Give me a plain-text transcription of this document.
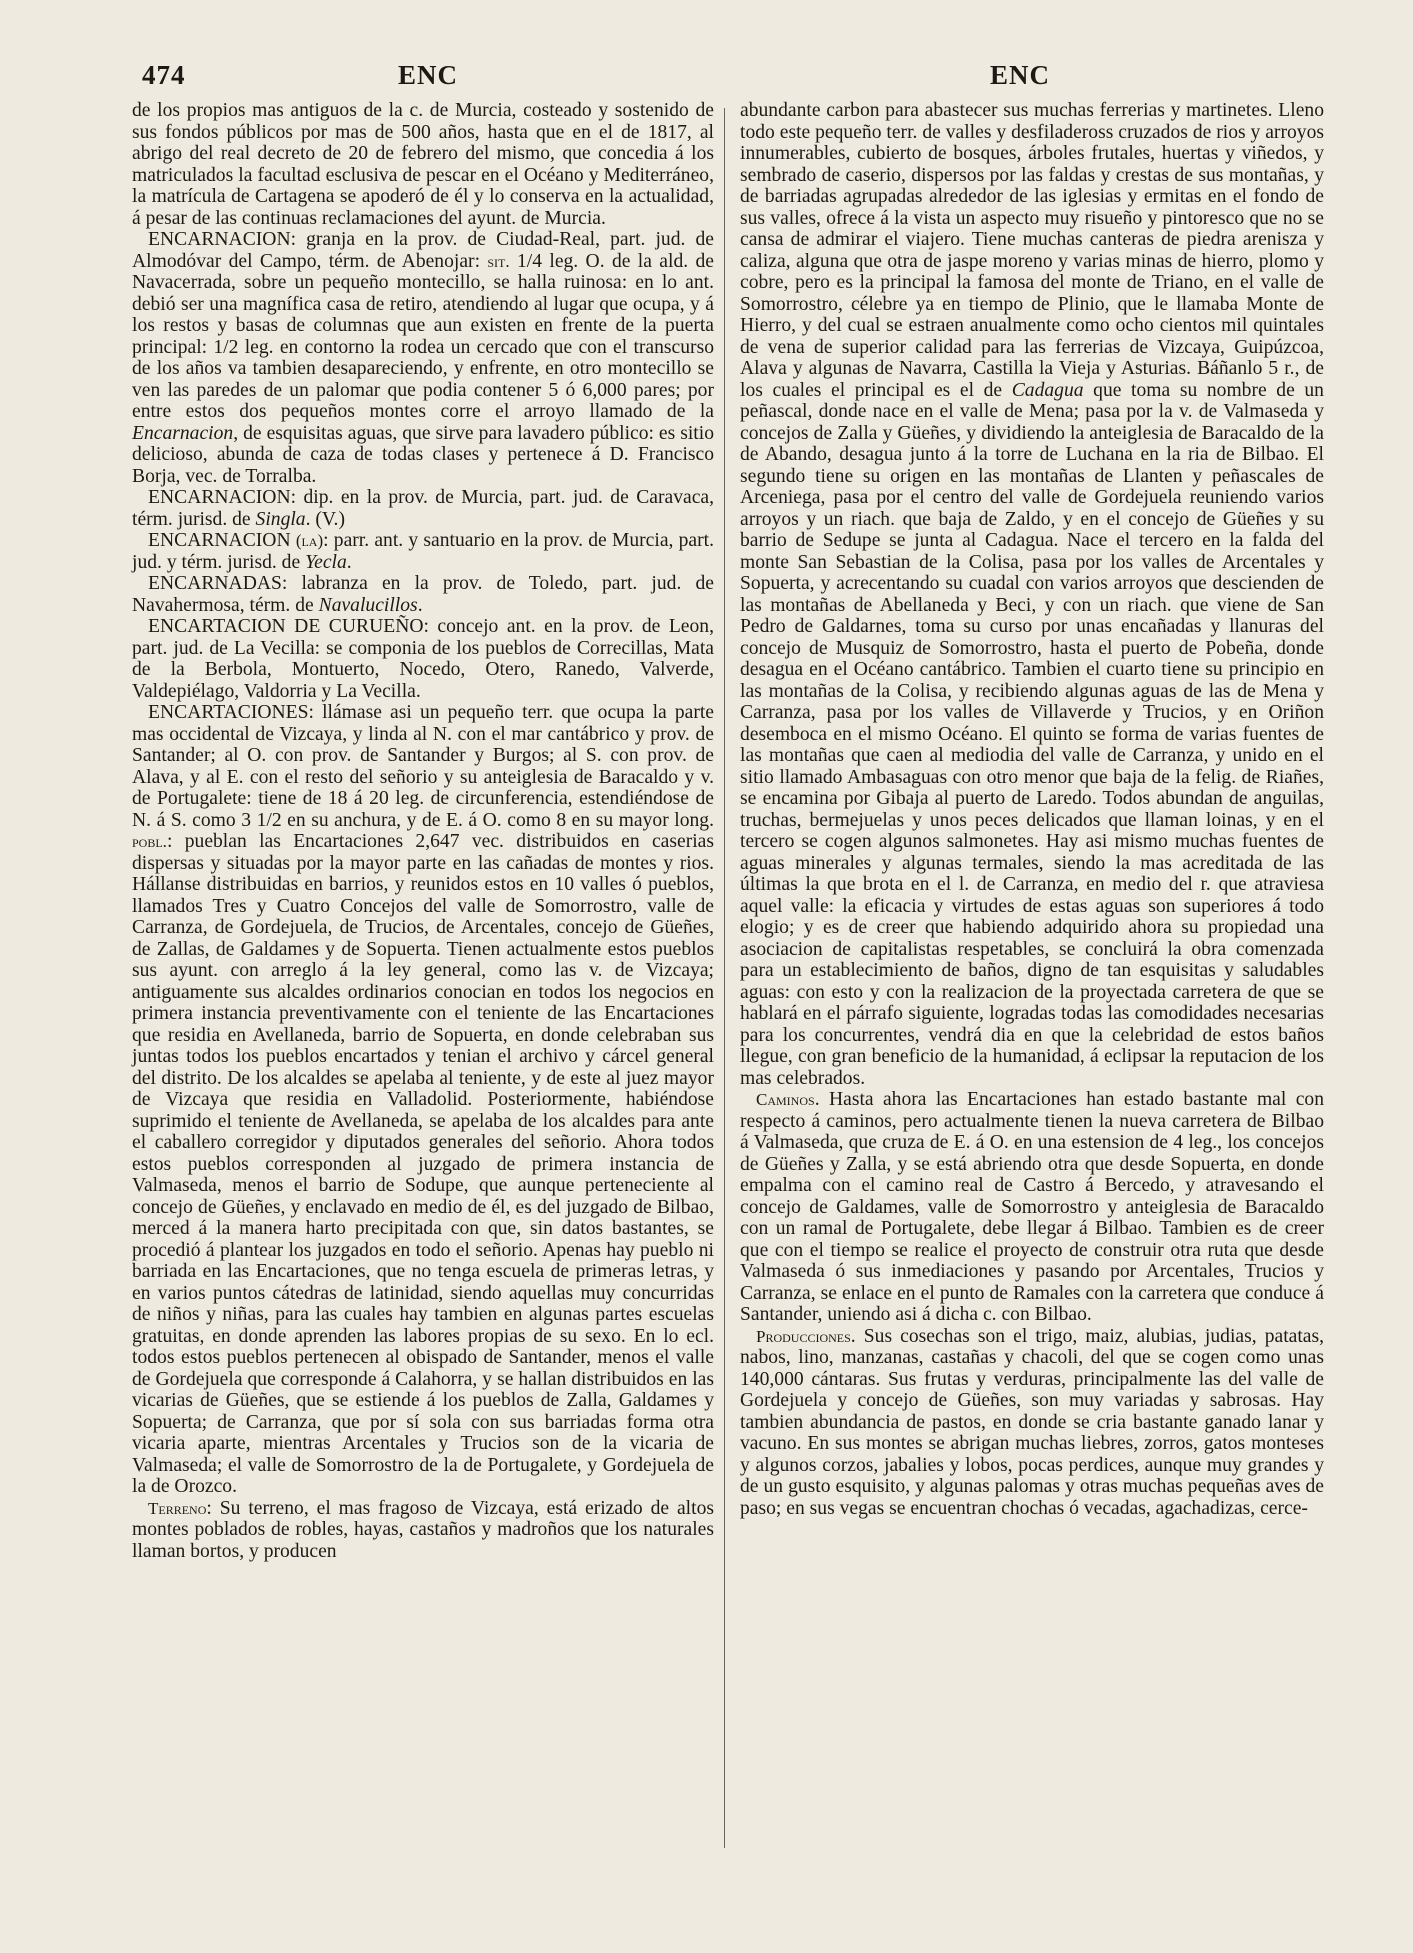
474	ENC	ENC

de los propios mas antiguos de la c. de Murcia, costeado y sostenido de sus fondos públicos por mas de 500 años, hasta que en el de 1817, al abrigo del real decreto de 20 de febrero del mismo, que concedia á los matriculados la facultad esclusiva de pescar en el Océano y Mediterráneo, la matrícula de Cartagena se apoderó de él y lo conserva en la actualidad, á pesar de las continuas reclamaciones del ayunt. de Murcia.

ENCARNACION: granja en la prov. de Ciudad-Real, part. jud. de Almodóvar del Campo, térm. de Abenojar: sit. 1/4 leg. O. de la ald. de Navacerrada, sobre un pequeño montecillo, se halla ruinosa: en lo ant. debió ser una magnífica casa de retiro, atendiendo al lugar que ocupa, y á los restos y basas de columnas que aun existen en frente de la puerta principal: 1/2 leg. en contorno la rodea un cercado que con el transcurso de los años va tambien desapareciendo, y enfrente, en otro montecillo se ven las paredes de un palomar que podia contener 5 ó 6,000 pares; por entre estos dos pequeños montes corre el arroyo llamado de la Encarnacion, de esquisitas aguas, que sirve para lavadero público: es sitio delicioso, abunda de caza de todas clases y pertenece á D. Francisco Borja, vec. de Torralba.

ENCARNACION: dip. en la prov. de Murcia, part. jud. de Caravaca, térm. jurisd. de Singla. (V.)

ENCARNACION (la): parr. ant. y santuario en la prov. de Murcia, part. jud. y térm. jurisd. de Yecla.

ENCARNADAS: labranza en la prov. de Toledo, part. jud. de Navahermosa, térm. de Navalucillos.

ENCARTACION DE CURUEÑO: concejo ant. en la prov. de Leon, part. jud. de La Vecilla: se componia de los pueblos de Correcillas, Mata de la Berbola, Montuerto, Nocedo, Otero, Ranedo, Valverde, Valdepiélago, Valdorria y La Vecilla.

ENCARTACIONES: llámase asi un pequeño terr. que ocupa la parte mas occidental de Vizcaya, y linda al N. con el mar cantábrico y prov. de Santander; al O. con prov. de Santander y Burgos; al S. con prov. de Alava, y al E. con el resto del señorio y su anteiglesia de Baracaldo y v. de Portugalete: tiene de 18 á 20 leg. de circunferencia, estendiéndose de N. á S. como 3 1/2 en su anchura, y de E. á O. como 8 en su mayor long. pobl.: pueblan las Encartaciones 2,647 vec. distribuidos en caserias dispersas y situadas por la mayor parte en las cañadas de montes y rios. Hállanse distribuidas en barrios, y reunidos estos en 10 valles ó pueblos, llamados Tres y Cuatro Concejos del valle de Somorrostro, valle de Carranza, de Gordejuela, de Trucios, de Arcentales, concejo de Güeñes, de Zallas, de Galdames y de Sopuerta. Tienen actualmente estos pueblos sus ayunt. con arreglo á la ley general, como las v. de Vizcaya; antiguamente sus alcaldes ordinarios conocian en todos los negocios en primera instancia preventivamente con el teniente de las Encartaciones que residia en Avellaneda, barrio de Sopuerta, en donde celebraban sus juntas todos los pueblos encartados y tenian el archivo y cárcel general del distrito. De los alcaldes se apelaba al teniente, y de este al juez mayor de Vizcaya que residia en Valladolid. Posteriormente, habiéndose suprimido el teniente de Avellaneda, se apelaba de los alcaldes para ante el caballero corregidor y diputados generales del señorio. Ahora todos estos pueblos corresponden al juzgado de primera instancia de Valmaseda, menos el barrio de Sodupe, que aunque perteneciente al concejo de Güeñes, y enclavado en medio de él, es del juzgado de Bilbao, merced á la manera harto precipitada con que, sin datos bastantes, se procedió á plantear los juzgados en todo el señorio. Apenas hay pueblo ni barriada en las Encartaciones, que no tenga escuela de primeras letras, y en varios puntos cátedras de latinidad, siendo aquellas muy concurridas de niños y niñas, para las cuales hay tambien en algunas partes escuelas gratuitas, en donde aprenden las labores propias de su sexo. En lo ecl. todos estos pueblos pertenecen al obispado de Santander, menos el valle de Gordejuela que corresponde á Calahorra, y se hallan distribuidos en las vicarias de Güeñes, que se estiende á los pueblos de Zalla, Galdames y Sopuerta; de Carranza, que por sí sola con sus barriadas forma otra vicaria aparte, mientras Arcentales y Trucios son de la vicaria de Valmaseda; el valle de Somorrostro de la de Portugalete, y Gordejuela de la de Orozco.

Terreno: Su terreno, el mas fragoso de Vizcaya, está erizado de altos montes poblados de robles, hayas, castaños y madroños que los naturales llaman bortos, y producen

abundante carbon para abastecer sus muchas ferrerias y martinetes. Lleno todo este pequeño terr. de valles y desfiladeross cruzados de rios y arroyos innumerables, cubierto de bosques, árboles frutales, huertas y viñedos, y sembrado de caserio, dispersos por las faldas y crestas de sus montañas, y de barriadas agrupadas alrededor de las iglesias y ermitas en el fondo de sus valles, ofrece á la vista un aspecto muy risueño y pintoresco que no se cansa de admirar el viajero. Tiene muchas canteras de piedra arenisza y caliza, alguna que otra de jaspe moreno y varias minas de hierro, plomo y cobre, pero es la principal la famosa del monte de Triano, en el valle de Somorrostro, célebre ya en tiempo de Plinio, que le llamaba Monte de Hierro, y del cual se estraen anualmente como ocho cientos mil quintales de vena de superior calidad para las ferrerias de Vizcaya, Guipúzcoa, Alava y algunas de Navarra, Castilla la Vieja y Asturias. Báñanlo 5 r., de los cuales el principal es el de Cadagua que toma su nombre de un peñascal, donde nace en el valle de Mena; pasa por la v. de Valmaseda y concejos de Zalla y Güeñes, y dividiendo la anteiglesia de Baracaldo de la de Abando, desagua junto á la torre de Luchana en la ria de Bilbao. El segundo tiene su origen en las montañas de Llanten y peñascales de Arceniega, pasa por el centro del valle de Gordejuela reuniendo varios arroyos y un riach. que baja de Zaldo, y en el concejo de Güeñes y su barrio de Sedupe se junta al Cadagua. Nace el tercero en la falda del monte San Sebastian de la Colisa, pasa por los valles de Arcentales y Sopuerta, y acrecentando su cuadal con varios arroyos que descienden de las montañas de Abellaneda y Beci, y con un riach. que viene de San Pedro de Galdarnes, toma su curso por unas encañadas y llanuras del concejo de Musquiz de Somorrostro, hasta el puerto de Pobeña, donde desagua en el Océano cantábrico. Tambien el cuarto tiene su principio en las montañas de la Colisa, y recibiendo algunas aguas de las de Mena y Carranza, pasa por los valles de Villaverde y Trucios, y en Oriñon desemboca en el mismo Océano. El quinto se forma de varias fuentes de las montañas que caen al mediodia del valle de Carranza, y unido en el sitio llamado Ambasaguas con otro menor que baja de la felig. de Riañes, se encamina por Gibaja al puerto de Laredo. Todos abundan de anguilas, truchas, bermejuelas y unos peces delicados que llaman loinas, y en el tercero se cogen algunos salmonetes. Hay asi mismo muchas fuentes de aguas minerales y algunas termales, siendo la mas acreditada de las últimas la que brota en el l. de Carranza, en medio del r. que atraviesa aquel valle: la eficacia y virtudes de estas aguas son superiores á todo elogio; y es de creer que habiendo adquirido ahora su propiedad una asociacion de capitalistas respetables, se concluirá la obra comenzada para un establecimiento de baños, digno de tan esquisitas y saludables aguas: con esto y con la realizacion de la proyectada carretera de que se hablará en el párrafo siguiente, logradas todas las comodidades necesarias para los concurrentes, vendrá dia en que la celebridad de estos baños llegue, con gran beneficio de la humanidad, á eclipsar la reputacion de los mas celebrados.

Caminos. Hasta ahora las Encartaciones han estado bastante mal con respecto á caminos, pero actualmente tienen la nueva carretera de Bilbao á Valmaseda, que cruza de E. á O. en una estension de 4 leg., los concejos de Güeñes y Zalla, y se está abriendo otra que desde Sopuerta, en donde empalma con el camino real de Castro á Bercedo, y atravesando el concejo de Galdames, valle de Somorrostro y anteiglesia de Baracaldo con un ramal de Portugalete, debe llegar á Bilbao. Tambien es de creer que con el tiempo se realice el proyecto de construir otra ruta que desde Valmaseda ó sus inmediaciones y pasando por Arcentales, Trucios y Carranza, se enlace en el punto de Ramales con la carretera que conduce á Santander, uniendo asi á dicha c. con Bilbao.

Producciones. Sus cosechas son el trigo, maiz, alubias, judias, patatas, nabos, lino, manzanas, castañas y chacoli, del que se cogen como unas 140,000 cántaras. Sus frutas y verduras, principalmente las del valle de Gordejuela y concejo de Güeñes, son muy variadas y sabrosas. Hay tambien abundancia de pastos, en donde se cria bastante ganado lanar y vacuno. En sus montes se abrigan muchas liebres, zorros, gatos monteses y algunos corzos, jabalies y lobos, pocas perdices, aunque muy grandes y de un gusto esquisito, y algunas palomas y otras muchas pequeñas aves de paso; en sus vegas se encuentran chochas ó vecadas, agachadizas, cerce-
